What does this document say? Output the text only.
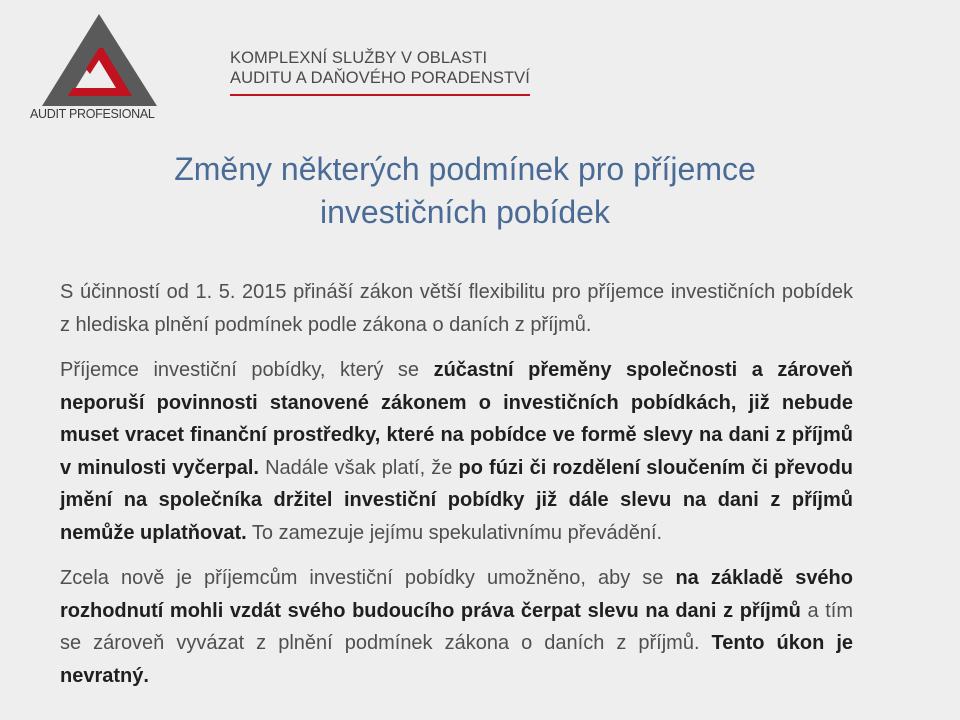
AUDIT PROFESIONAL
KOMPLEXNÍ SLUŽBY V OBLASTI
AUDITU A DAŇOVÉHO PORADENSTVÍ
Změny některých podmínek pro příjemce
investičních pobídek

S účinností od 1. 5. 2015 přináší zákon větší flexibilitu pro příjemce investičních pobídek z hlediska plnění podmínek podle zákona o daních z příjmů.

Příjemce investiční pobídky, který se zúčastní přeměny společnosti a zároveň neporuší povinnosti stanovené zákonem o investičních pobídkách, již nebude muset vracet finanční prostředky, které na pobídce ve formě slevy na dani z příjmů v minulosti vyčerpal. Nadále však platí, že po fúzi či rozdělení sloučením či převodu jmění na společníka držitel investiční pobídky již dále slevu na dani z příjmů nemůže uplatňovat. To zamezuje jejímu spekulativnímu převádění.

Zcela nově je příjemcům investiční pobídky umožněno, aby se na základě svého rozhodnutí mohli vzdát svého budoucího práva čerpat slevu na dani z příjmů a tím se zároveň vyvázat z plnění podmínek zákona o daních z příjmů. Tento úkon je nevratný.
